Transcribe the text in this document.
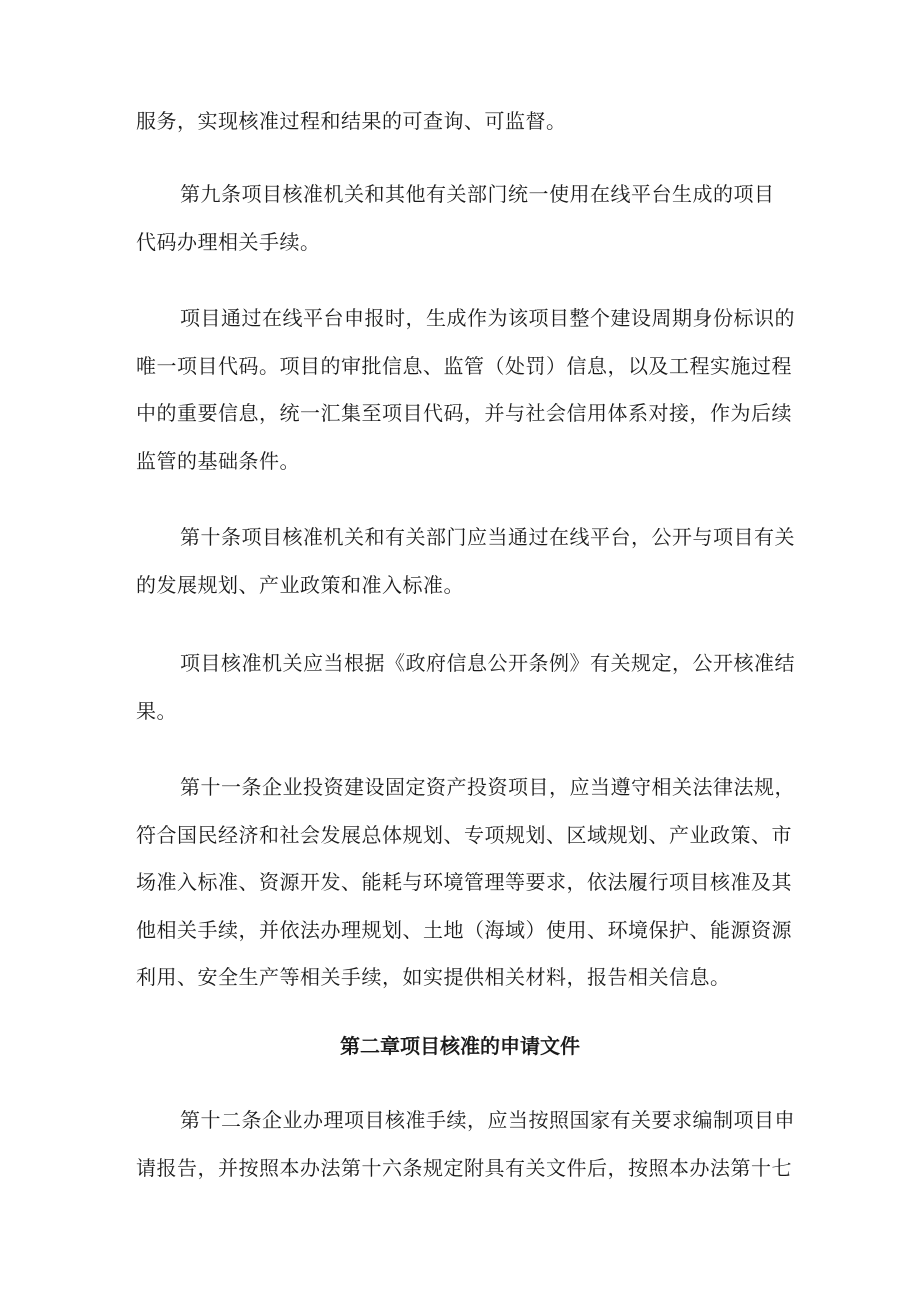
服务，实现核准过程和结果的可查询、可监督。
第九条项目核准机关和其他有关部门统一使用在线平台生成的项目
代码办理相关手续。
项目通过在线平台申报时，生成作为该项目整个建设周期身份标识的
唯一项目代码。项目的审批信息、监管（处罚）信息，以及工程实施过程
中的重要信息，统一汇集至项目代码，并与社会信用体系对接，作为后续
监管的基础条件。
第十条项目核准机关和有关部门应当通过在线平台，公开与项目有关
的发展规划、产业政策和准入标准。
项目核准机关应当根据《政府信息公开条例》有关规定，公开核准结
果。
第十一条企业投资建设固定资产投资项目，应当遵守相关法律法规，
符合国民经济和社会发展总体规划、专项规划、区域规划、产业政策、市
场准入标准、资源开发、能耗与环境管理等要求，依法履行项目核准及其
他相关手续，并依法办理规划、土地（海域）使用、环境保护、能源资源
利用、安全生产等相关手续，如实提供相关材料，报告相关信息。
第二章项目核准的申请文件
第十二条企业办理项目核准手续，应当按照国家有关要求编制项目申
请报告，并按照本办法第十六条规定附具有关文件后，按照本办法第十七
